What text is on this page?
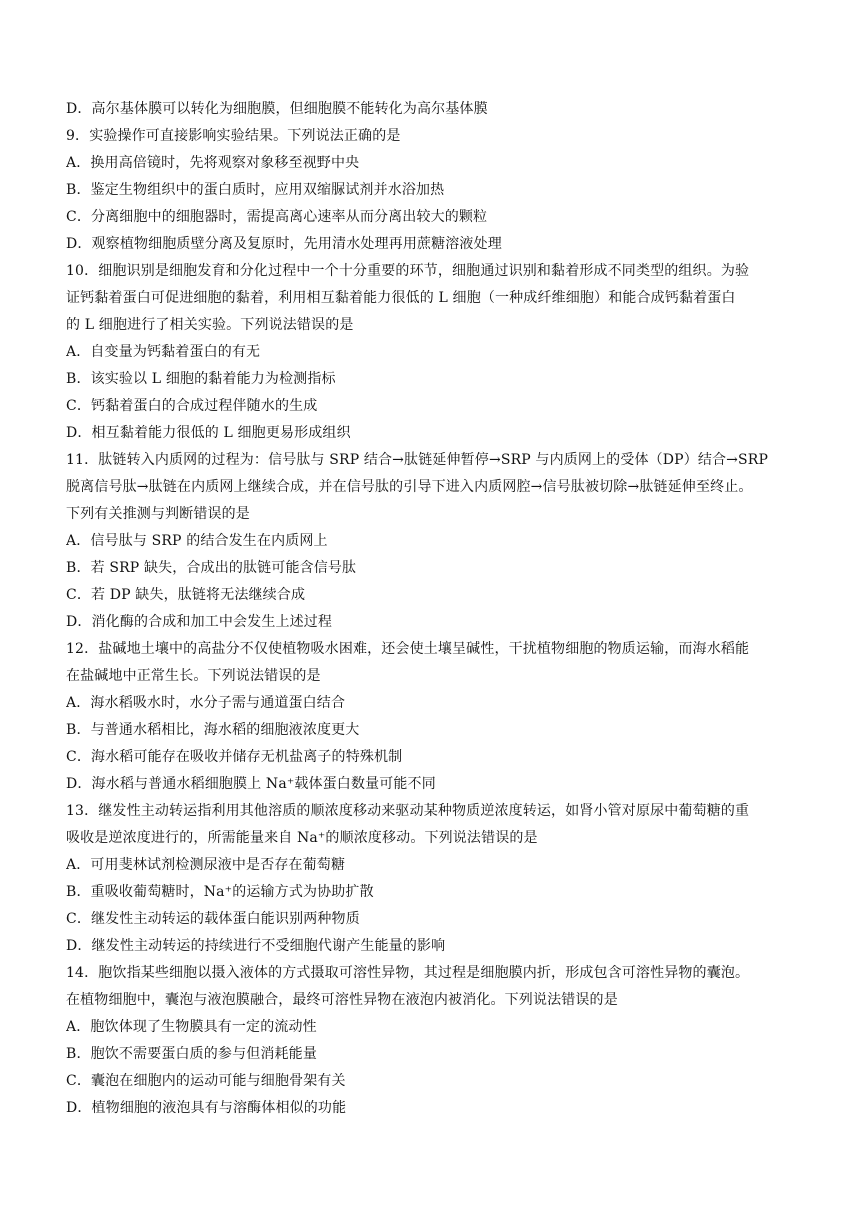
D．高尔基体膜可以转化为细胞膜，但细胞膜不能转化为高尔基体膜
9．实验操作可直接影响实验结果。下列说法正确的是
A．换用高倍镜时，先将观察对象移至视野中央
B．鉴定生物组织中的蛋白质时，应用双缩脲试剂并水浴加热
C．分离细胞中的细胞器时，需提高离心速率从而分离出较大的颗粒
D．观察植物细胞质壁分离及复原时，先用清水处理再用蔗糖溶液处理
10．细胞识别是细胞发育和分化过程中一个十分重要的环节，细胞通过识别和黏着形成不同类型的组织。为验
证钙黏着蛋白可促进细胞的黏着，利用相互黏着能力很低的 L 细胞（一种成纤维细胞）和能合成钙黏着蛋白
的 L 细胞进行了相关实验。下列说法错误的是
A．自变量为钙黏着蛋白的有无
B．该实验以 L 细胞的黏着能力为检测指标
C．钙黏着蛋白的合成过程伴随水的生成
D．相互黏着能力很低的 L 细胞更易形成组织
11．肽链转入内质网的过程为：信号肽与 SRP 结合→肽链延伸暂停→SRP 与内质网上的受体（DP）结合→SRP
脱离信号肽→肽链在内质网上继续合成，并在信号肽的引导下进入内质网腔→信号肽被切除→肽链延伸至终止。
下列有关推测与判断错误的是
A．信号肽与 SRP 的结合发生在内质网上
B．若 SRP 缺失，合成出的肽链可能含信号肽
C．若 DP 缺失，肽链将无法继续合成
D．消化酶的合成和加工中会发生上述过程
12．盐碱地土壤中的高盐分不仅使植物吸水困难，还会使土壤呈碱性，干扰植物细胞的物质运输，而海水稻能
在盐碱地中正常生长。下列说法错误的是
A．海水稻吸水时，水分子需与通道蛋白结合
B．与普通水稻相比，海水稻的细胞液浓度更大
C．海水稻可能存在吸收并储存无机盐离子的特殊机制
D．海水稻与普通水稻细胞膜上 Na⁺载体蛋白数量可能不同
13．继发性主动转运指利用其他溶质的顺浓度移动来驱动某种物质逆浓度转运，如肾小管对原尿中葡萄糖的重
吸收是逆浓度进行的，所需能量来自 Na⁺的顺浓度移动。下列说法错误的是
A．可用斐林试剂检测尿液中是否存在葡萄糖
B．重吸收葡萄糖时，Na⁺的运输方式为协助扩散
C．继发性主动转运的载体蛋白能识别两种物质
D．继发性主动转运的持续进行不受细胞代谢产生能量的影响
14．胞饮指某些细胞以摄入液体的方式摄取可溶性异物，其过程是细胞膜内折，形成包含可溶性异物的囊泡。
在植物细胞中，囊泡与液泡膜融合，最终可溶性异物在液泡内被消化。下列说法错误的是
A．胞饮体现了生物膜具有一定的流动性
B．胞饮不需要蛋白质的参与但消耗能量
C．囊泡在细胞内的运动可能与细胞骨架有关
D．植物细胞的液泡具有与溶酶体相似的功能
